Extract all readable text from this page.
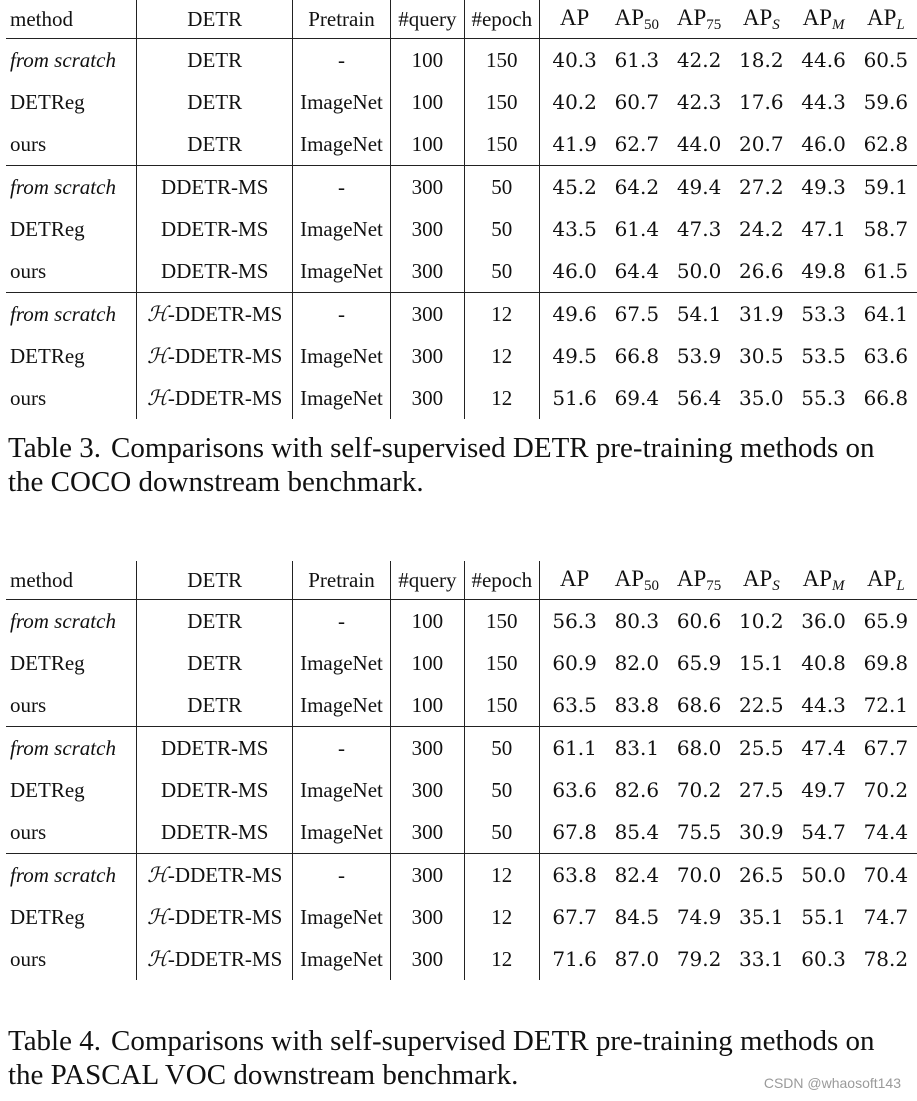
method	DETR	Pretrain	#query	#epoch	AP	$AP_{50}$	$AP_{75}$	$AP_S$	$AP_M$	$AP_L$
from scratch	DETR	-	100	150	40.3	61.3	42.2	18.2	44.6	60.5
DETReg	DETR	ImageNet	100	150	40.2	60.7	42.3	17.6	44.3	59.6
ours	DETR	ImageNet	100	150	41.9	62.7	44.0	20.7	46.0	62.8
from scratch	DDETR-MS	-	300	50	45.2	64.2	49.4	27.2	49.3	59.1
DETReg	DDETR-MS	ImageNet	300	50	43.5	61.4	47.3	24.2	47.1	58.7
ours	DDETR-MS	ImageNet	300	50	46.0	64.4	50.0	26.6	49.8	61.5
from scratch	ℋ-DDETR-MS	-	300	12	49.6	67.5	54.1	31.9	53.3	64.1
DETReg	ℋ-DDETR-MS	ImageNet	300	12	49.5	66.8	53.9	30.5	53.5	63.6
ours	ℋ-DDETR-MS	ImageNet	300	12	51.6	69.4	56.4	35.0	55.3	66.8
Table 3. Comparisons with self-supervised DETR pre-training methods on the COCO downstream benchmark.
method	DETR	Pretrain	#query	#epoch	AP	$AP_{50}$	$AP_{75}$	$AP_S$	$AP_M$	$AP_L$
from scratch	DETR	-	100	150	56.3	80.3	60.6	10.2	36.0	65.9
DETReg	DETR	ImageNet	100	150	60.9	82.0	65.9	15.1	40.8	69.8
ours	DETR	ImageNet	100	150	63.5	83.8	68.6	22.5	44.3	72.1
from scratch	DDETR-MS	-	300	50	61.1	83.1	68.0	25.5	47.4	67.7
DETReg	DDETR-MS	ImageNet	300	50	63.6	82.6	70.2	27.5	49.7	70.2
ours	DDETR-MS	ImageNet	300	50	67.8	85.4	75.5	30.9	54.7	74.4
from scratch	ℋ-DDETR-MS	-	300	12	63.8	82.4	70.0	26.5	50.0	70.4
DETReg	ℋ-DDETR-MS	ImageNet	300	12	67.7	84.5	74.9	35.1	55.1	74.7
ours	ℋ-DDETR-MS	ImageNet	300	12	71.6	87.0	79.2	33.1	60.3	78.2
Table 4. Comparisons with self-supervised DETR pre-training methods on the PASCAL VOC downstream benchmark.	CSDN @whaosoft143
